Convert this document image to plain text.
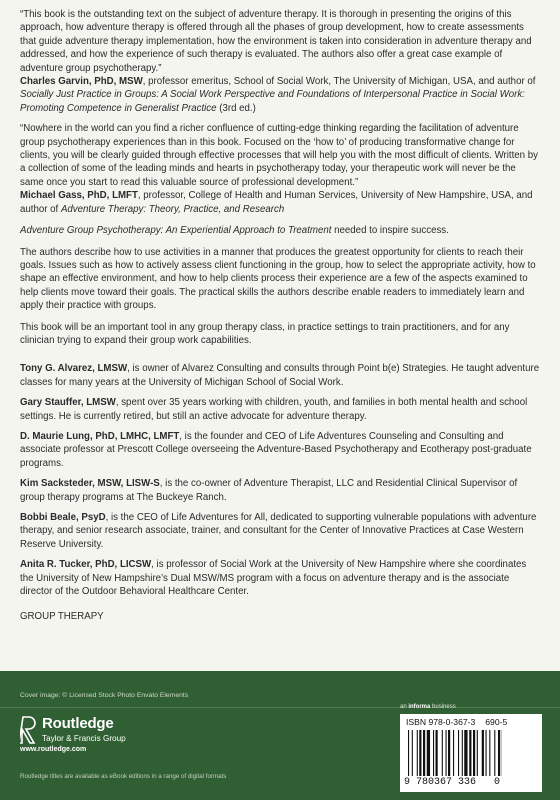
“This book is the outstanding text on the subject of adventure therapy. It is thorough in presenting the origins of this approach, how adventure therapy is offered through all the phases of group development, how to create assessments that guide adventure therapy implementation, how the environment is taken into consideration in adventure therapy and addressed, and how the experience of such therapy is evaluated. The authors also offer a great case example of adventure group psychotherapy.”
Charles Garvin, PhD, MSW, professor emeritus, School of Social Work, The University of Michigan, USA, and author of Socially Just Practice in Groups: A Social Work Perspective and Foundations of Interpersonal Practice in Social Work: Promoting Competence in Generalist Practice (3rd ed.)

“Nowhere in the world can you find a richer confluence of cutting-edge thinking regarding the facilitation of adventure group psychotherapy experiences than in this book. Focused on the ‘how to’ of producing transformative change for clients, you will be clearly guided through effective processes that will help you with the most difficult of clients. Written by a collection of some of the leading minds and hearts in psychotherapy today, your therapeutic work will never be the same once you start to read this valuable source of professional development.”
Michael Gass, PhD, LMFT, professor, College of Health and Human Services, University of New Hampshire, USA, and author of Adventure Therapy: Theory, Practice, and Research

Adventure Group Psychotherapy: An Experiential Approach to Treatment needed to inspire success.

The authors describe how to use activities in a manner that produces the greatest opportunity for clients to reach their goals. Issues such as how to actively assess client functioning in the group, how to select the appropriate activity, how to shape an effective environment, and how to help clients process their experience are a few of the aspects examined to help clients move toward their goals. The practical skills the authors describe enable readers to immediately learn and apply their practice with groups.

This book will be an important tool in any group therapy class, in practice settings to train practitioners, and for any clinician trying to expand their group work capabilities.

Tony G. Alvarez, LMSW, is owner of Alvarez Consulting and consults through Point b(e) Strategies. He taught adventure classes for many years at the University of Michigan School of Social Work.

Gary Stauffer, LMSW, spent over 35 years working with children, youth, and families in both mental health and school settings. He is currently retired, but still an active advocate for adventure therapy.

D. Maurie Lung, PhD, LMHC, LMFT, is the founder and CEO of Life Adventures Counseling and Consulting and associate professor at Prescott College overseeing the Adventure-Based Psychotherapy and Ecotherapy post-graduate programs.

Kim Sacksteder, MSW, LISW-S, is the co-owner of Adventure Therapist, LLC and Residential Clinical Supervisor of group therapy programs at The Buckeye Ranch.

Bobbi Beale, PsyD, is the CEO of Life Adventures for All, dedicated to supporting vulnerable populations with adventure therapy, and senior research associate, trainer, and consultant for the Center of Innovative Practices at Case Western Reserve University.

Anita R. Tucker, PhD, LICSW, is professor of Social Work at the University of New Hampshire where she coordinates the University of New Hampshire’s Dual MSW/MS program with a focus on adventure therapy and is the associate director of the Outdoor Behavioral Healthcare Center.

GROUP THERAPY

Cover image: © Licensed Stock Photo Envato Elements
Routledge
Taylor & Francis Group
www.routledge.com
Routledge titles are available as eBook editions in a range of digital formats
an informa business
ISBN 978-0-367-3 690-5
9 780367 336 0
